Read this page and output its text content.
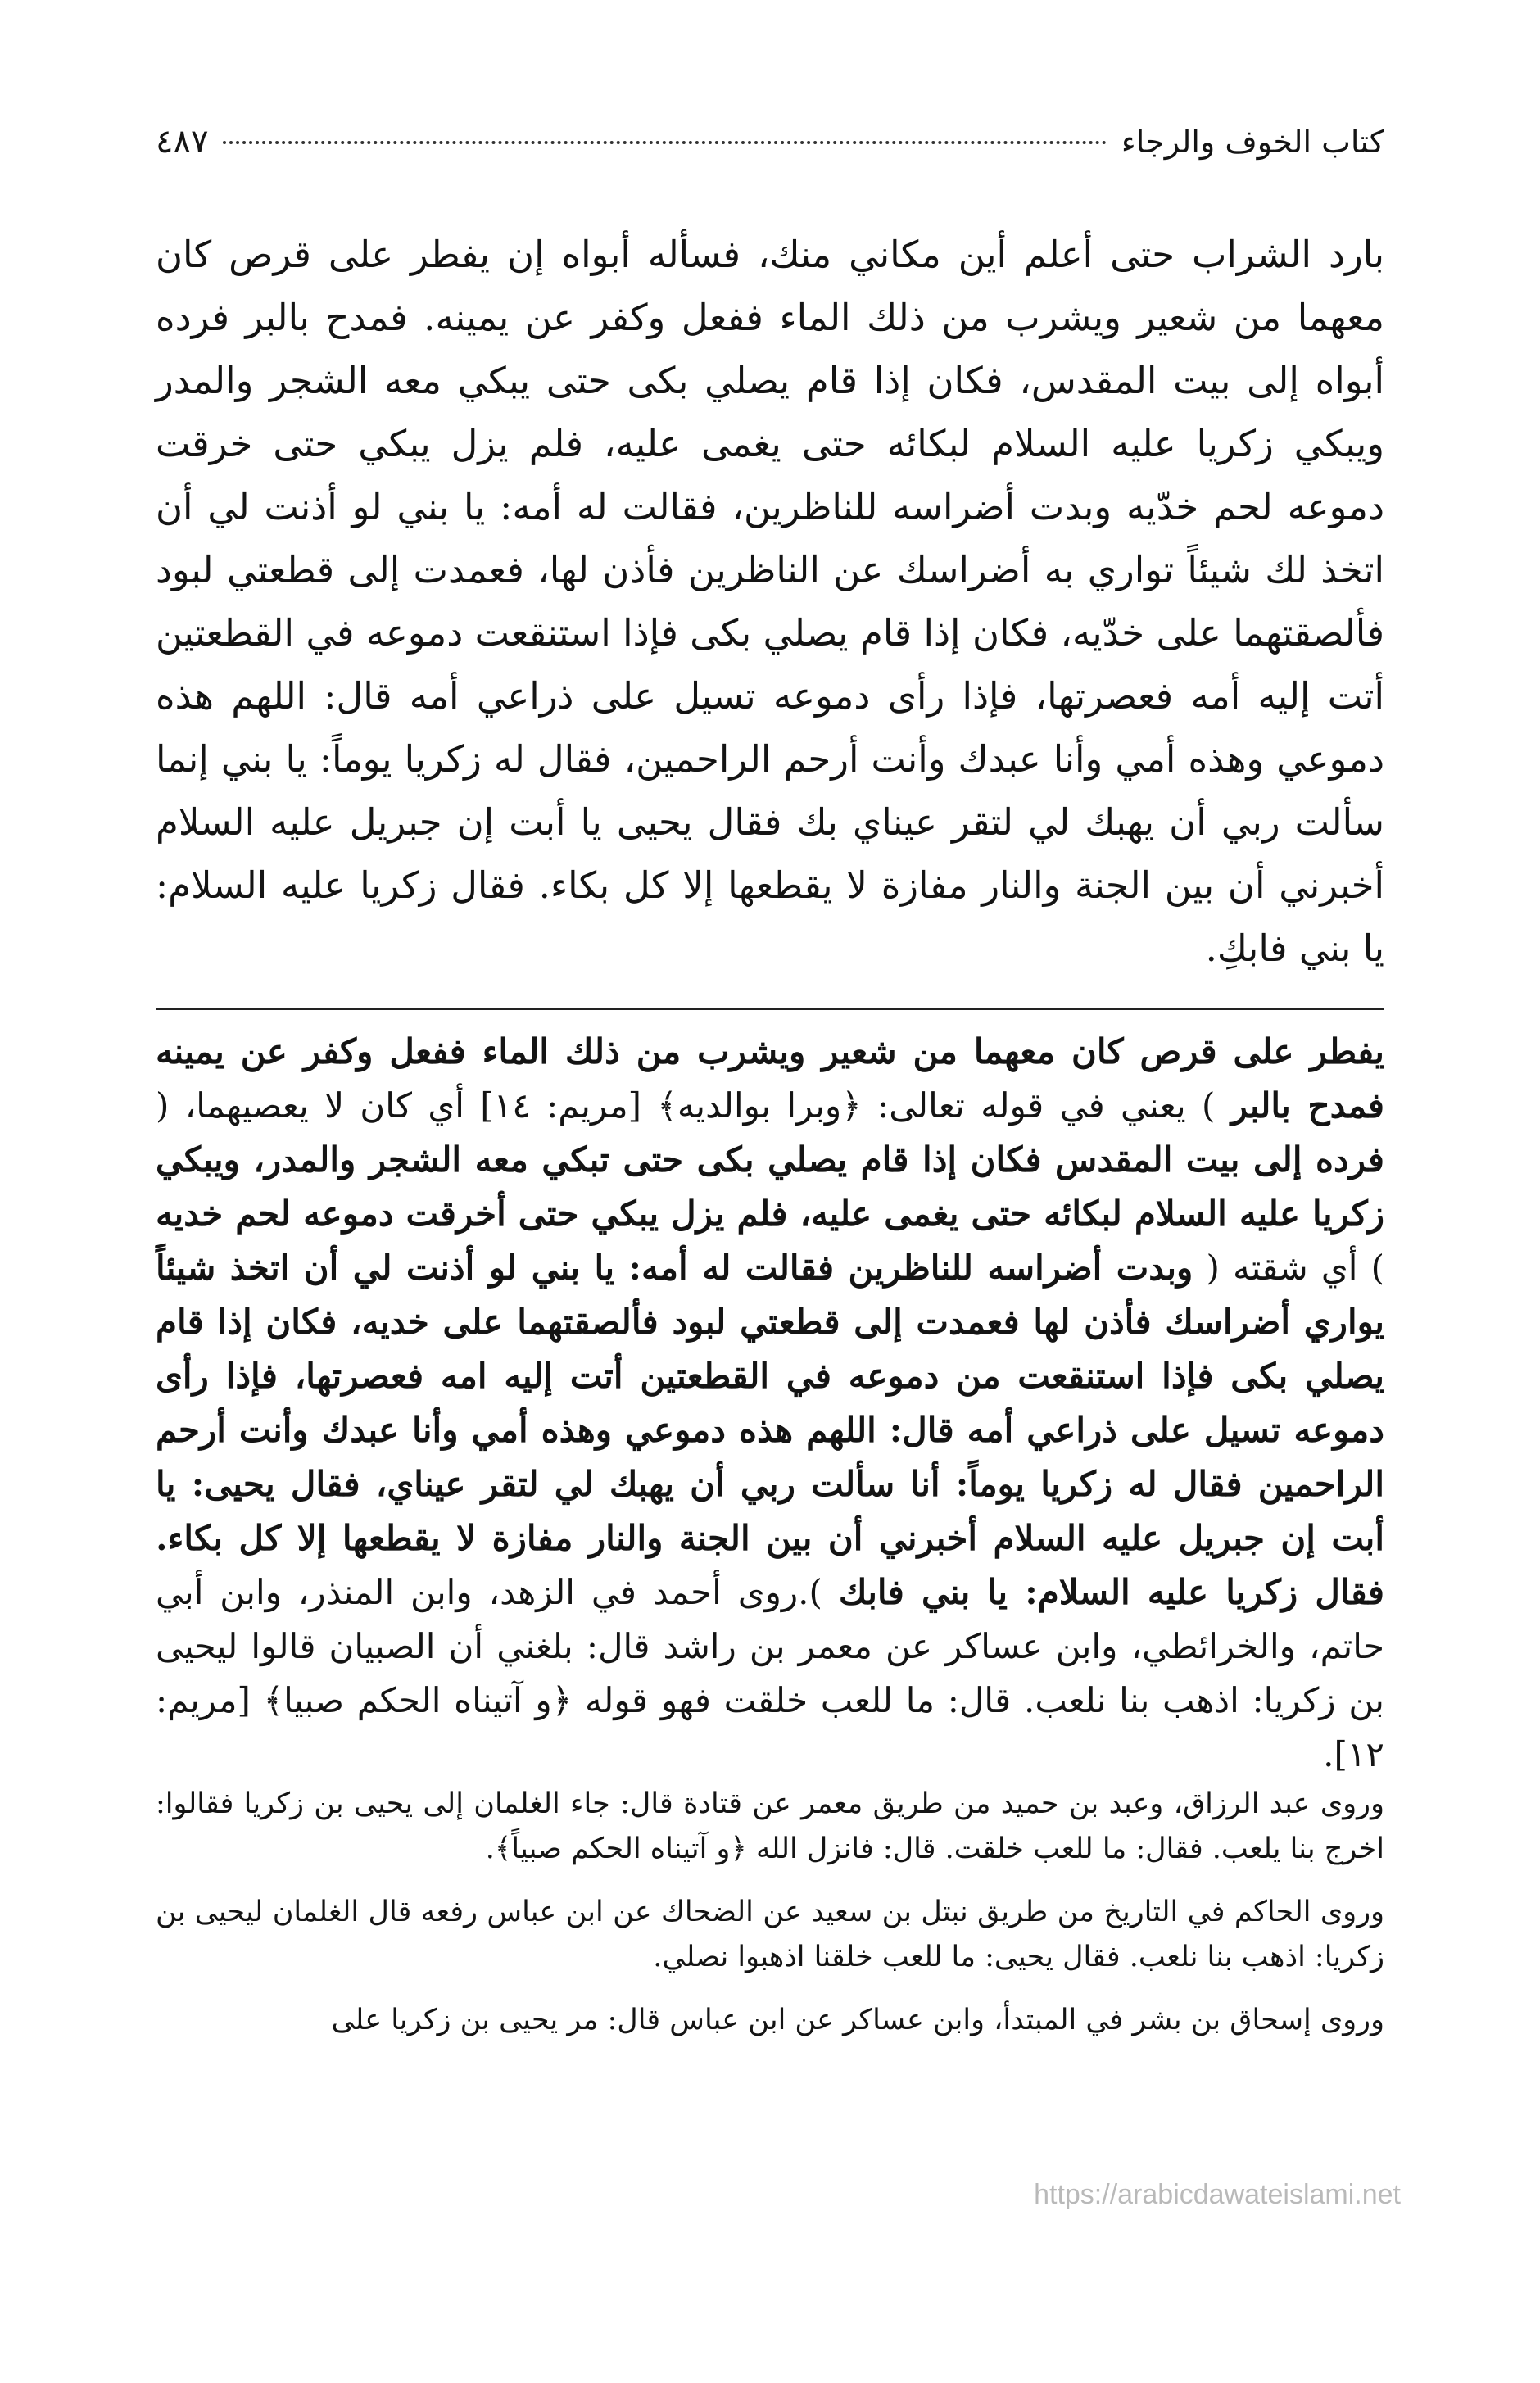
كتاب الخوف والرجاء
٤٨٧

بارد الشراب حتى أعلم أين مكاني منك، فسأله أبواه إن يفطر على قرص كان معهما من شعير ويشرب من ذلك الماء ففعل وكفر عن يمينه. فمدح بالبر فرده أبواه إلى بيت المقدس، فكان إذا قام يصلي بكى حتى يبكي معه الشجر والمدر ويبكي زكريا عليه السلام لبكائه حتى يغمى عليه، فلم يزل يبكي حتى خرقت دموعه لحم خدّيه وبدت أضراسه للناظرين، فقالت له أمه: يا بني لو أذنت لي أن اتخذ لك شيئاً تواري به أضراسك عن الناظرين فأذن لها، فعمدت إلى قطعتي لبود فألصقتهما على خدّيه، فكان إذا قام يصلي بكى فإذا استنقعت دموعه في القطعتين أتت إليه أمه فعصرتها، فإذا رأى دموعه تسيل على ذراعي أمه قال: اللهم هذه دموعي وهذه أمي وأنا عبدك وأنت أرحم الراحمين، فقال له زكريا يوماً: يا بني إنما سألت ربي أن يهبك لي لتقر عيناي بك فقال يحيى يا أبت إن جبريل عليه السلام أخبرني أن بين الجنة والنار مفازة لا يقطعها إلا كل بكاء. فقال زكريا عليه السلام: يا بني فابكِ.

يفطر على قرص كان معهما من شعير ويشرب من ذلك الماء ففعل وكفر عن يمينه فمدح بالبر ) يعني في قوله تعالى: ﴿وبرا بوالديه﴾ [مريم: ١٤] أي كان لا يعصيهما، ( فرده إلى بيت المقدس فكان إذا قام يصلي بكى حتى تبكي معه الشجر والمدر، ويبكي زكريا عليه السلام لبكائه حتى يغمى عليه، فلم يزل يبكي حتى أخرقت دموعه لحم خديه ) أي شقته ( وبدت أضراسه للناظرين فقالت له أمه: يا بني لو أذنت لي أن اتخذ شيئاً يواري أضراسك فأذن لها فعمدت إلى قطعتي لبود فألصقتهما على خديه، فكان إذا قام يصلي بكى فإذا استنقعت من دموعه في القطعتين أتت إليه امه فعصرتها، فإذا رأى دموعه تسيل على ذراعي أمه قال: اللهم هذه دموعي وهذه أمي وأنا عبدك وأنت أرحم الراحمين فقال له زكريا يوماً: أنا سألت ربي أن يهبك لي لتقر عيناي، فقال يحيى: يا أبت إن جبريل عليه السلام أخبرني أن بين الجنة والنار مفازة لا يقطعها إلا كل بكاء. فقال زكريا عليه السلام: يا بني فابك ).روى أحمد في الزهد، وابن المنذر، وابن أبي حاتم، والخرائطي، وابن عساكر عن معمر بن راشد قال: بلغني أن الصبيان قالوا ليحيى بن زكريا: اذهب بنا نلعب. قال: ما للعب خلقت فهو قوله ﴿و آتيناه الحكم صبيا﴾ [مريم: ١٢].

وروى عبد الرزاق، وعبد بن حميد من طريق معمر عن قتادة قال: جاء الغلمان إلى يحيى بن زكريا فقالوا: اخرج بنا يلعب. فقال: ما للعب خلقت. قال: فانزل الله ﴿و آتيناه الحكم صبياً﴾.

وروى الحاكم في التاريخ من طريق نبتل بن سعيد عن الضحاك عن ابن عباس رفعه قال الغلمان ليحيى بن زكريا: اذهب بنا نلعب. فقال يحيى: ما للعب خلقنا اذهبوا نصلي.

وروى إسحاق بن بشر في المبتدأ، وابن عساكر عن ابن عباس قال: مر يحيى بن زكريا على

https://arabicdawateislami.net
